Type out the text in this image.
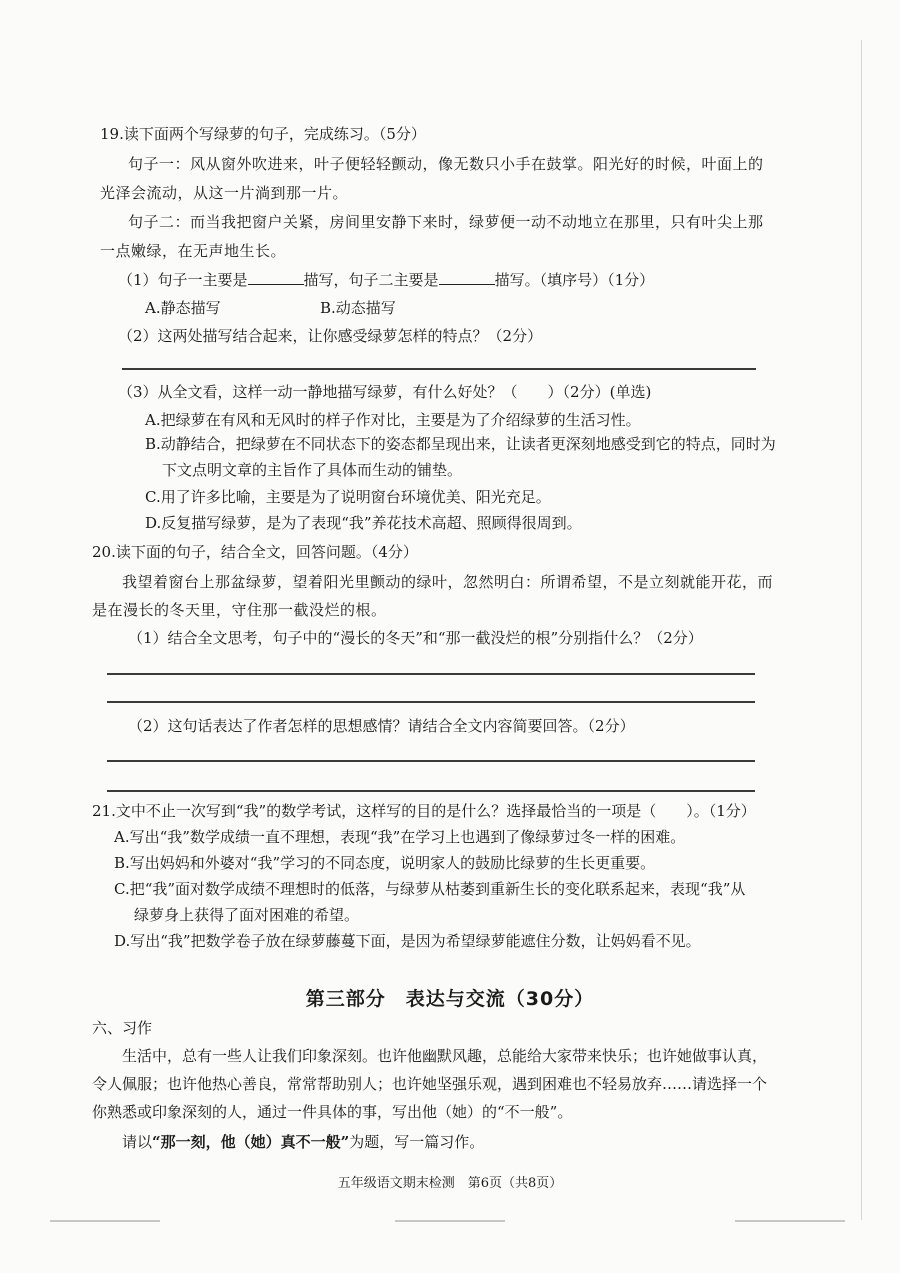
19.读下面两个写绿萝的句子，完成练习。（5分）
句子一：风从窗外吹进来，叶子便轻轻颤动，像无数只小手在鼓掌。阳光好的时候，叶面上的
光泽会流动，从这一片淌到那一片。
句子二：而当我把窗户关紧，房间里安静下来时，绿萝便一动不动地立在那里，只有叶尖上那
一点嫩绿，在无声地生长。
（1）句子一主要是	描写，句子二主要是	描写。（填序号）（1分）
A.静态描写	B.动态描写
（2）这两处描写结合起来，让你感受绿萝怎样的特点？（2分）
（3）从全文看，这样一动一静地描写绿萝，有什么好处？（　　）（2分）(单选)
A.把绿萝在有风和无风时的样子作对比，主要是为了介绍绿萝的生活习性。
B.动静结合，把绿萝在不同状态下的姿态都呈现出来，让读者更深刻地感受到它的特点，同时为
下文点明文章的主旨作了具体而生动的铺垫。
C.用了许多比喻，主要是为了说明窗台环境优美、阳光充足。
D.反复描写绿萝，是为了表现“我”养花技术高超、照顾得很周到。
20.读下面的句子，结合全文，回答问题。（4分）
我望着窗台上那盆绿萝，望着阳光里颤动的绿叶，忽然明白：所谓希望，不是立刻就能开花，而
是在漫长的冬天里，守住那一截没烂的根。
（1）结合全文思考，句子中的“漫长的冬天”和“那一截没烂的根”分别指什么？（2分）
（2）这句话表达了作者怎样的思想感情？请结合全文内容简要回答。（2分）
21.文中不止一次写到“我”的数学考试，这样写的目的是什么？选择最恰当的一项是（　　）。（1分）
A.写出“我”数学成绩一直不理想，表现“我”在学习上也遇到了像绿萝过冬一样的困难。
B.写出妈妈和外婆对“我”学习的不同态度，说明家人的鼓励比绿萝的生长更重要。
C.把“我”面对数学成绩不理想时的低落，与绿萝从枯萎到重新生长的变化联系起来，表现“我”从
绿萝身上获得了面对困难的希望。
D.写出“我”把数学卷子放在绿萝藤蔓下面，是因为希望绿萝能遮住分数，让妈妈看不见。
第三部分　表达与交流（30分）
六、习作
生活中，总有一些人让我们印象深刻。也许他幽默风趣，总能给大家带来快乐；也许她做事认真，
令人佩服；也许他热心善良，常常帮助别人；也许她坚强乐观，遇到困难也不轻易放弃……请选择一个
你熟悉或印象深刻的人，通过一件具体的事，写出他（她）的“不一般”。
请以“那一刻，他（她）真不一般”为题，写一篇习作。
五年级语文期末检测　第6页（共8页）
